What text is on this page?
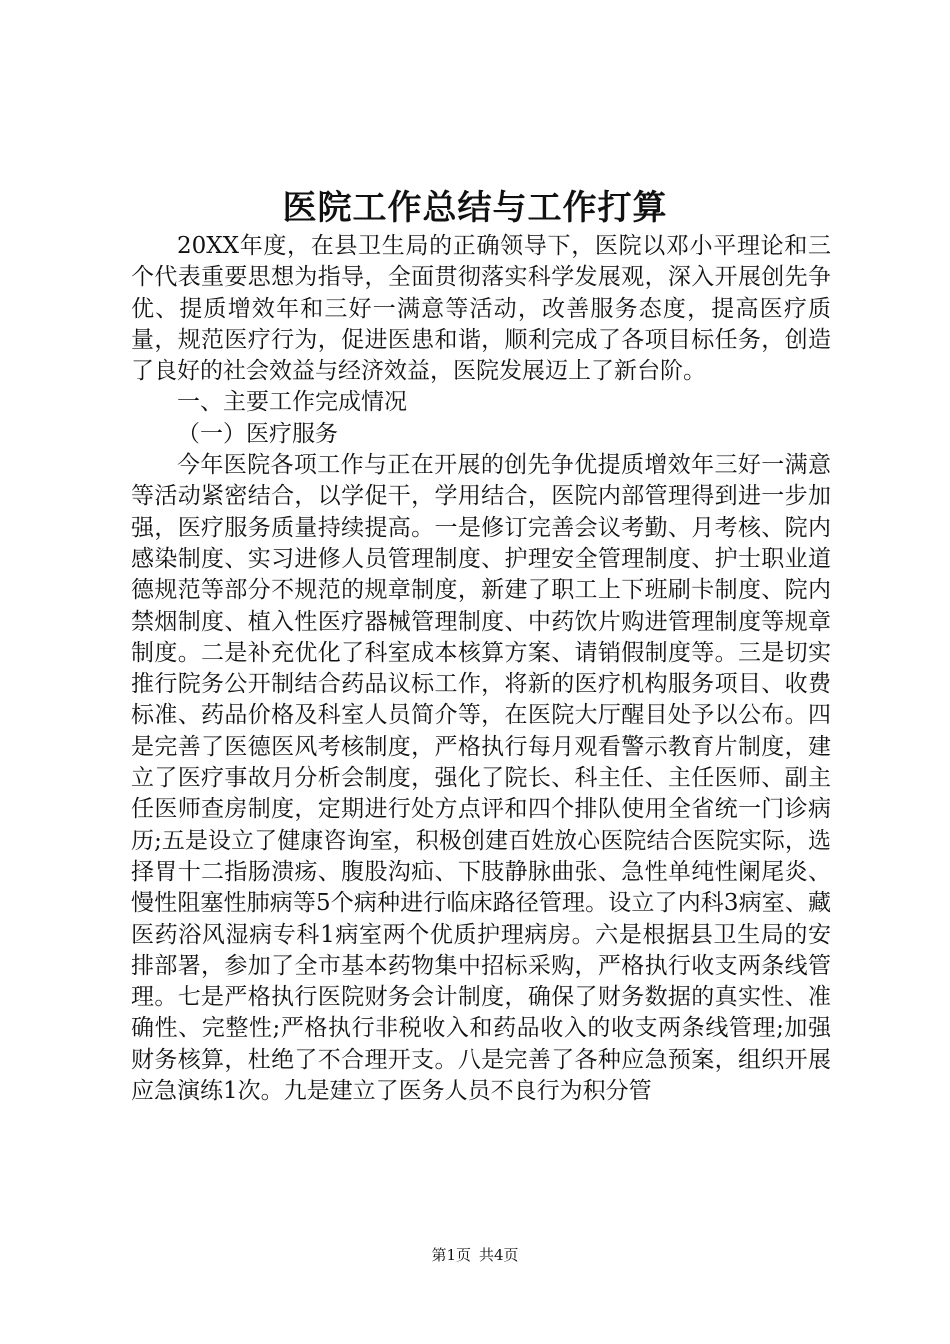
医院工作总结与工作打算

20XX年度，在县卫生局的正确领导下，医院以邓小平理论和三个代表重要思想为指导，全面贯彻落实科学发展观，深入开展创先争优、提质增效年和三好一满意等活动，改善服务态度，提高医疗质量，规范医疗行为，促进医患和谐，顺利完成了各项目标任务，创造了良好的社会效益与经济效益，医院发展迈上了新台阶。

一、主要工作完成情况

（一）医疗服务

今年医院各项工作与正在开展的创先争优提质增效年三好一满意等活动紧密结合，以学促干，学用结合，医院内部管理得到进一步加强，医疗服务质量持续提高。一是修订完善会议考勤、月考核、院内感染制度、实习进修人员管理制度、护理安全管理制度、护士职业道德规范等部分不规范的规章制度，新建了职工上下班刷卡制度、院内禁烟制度、植入性医疗器械管理制度、中药饮片购进管理制度等规章制度。二是补充优化了科室成本核算方案、请销假制度等。三是切实推行院务公开制结合药品议标工作，将新的医疗机构服务项目、收费标准、药品价格及科室人员简介等，在医院大厅醒目处予以公布。四是完善了医德医风考核制度，严格执行每月观看警示教育片制度，建立了医疗事故月分析会制度，强化了院长、科主任、主任医师、副主任医师查房制度，定期进行处方点评和四个排队使用全省统一门诊病历;五是设立了健康咨询室，积极创建百姓放心医院结合医院实际，选择胃十二指肠溃疡、腹股沟疝、下肢静脉曲张、急性单纯性阑尾炎、慢性阻塞性肺病等5个病种进行临床路径管理。设立了内科3病室、藏医药浴风湿病专科1病室两个优质护理病房。六是根据县卫生局的安排部署，参加了全市基本药物集中招标采购，严格执行收支两条线管理。七是严格执行医院财务会计制度，确保了财务数据的真实性、准确性、完整性;严格执行非税收入和药品收入的收支两条线管理;加强财务核算，杜绝了不合理开支。八是完善了各种应急预案，组织开展应急演练1次。九是建立了医务人员不良行为积分管

第1页 共4页
